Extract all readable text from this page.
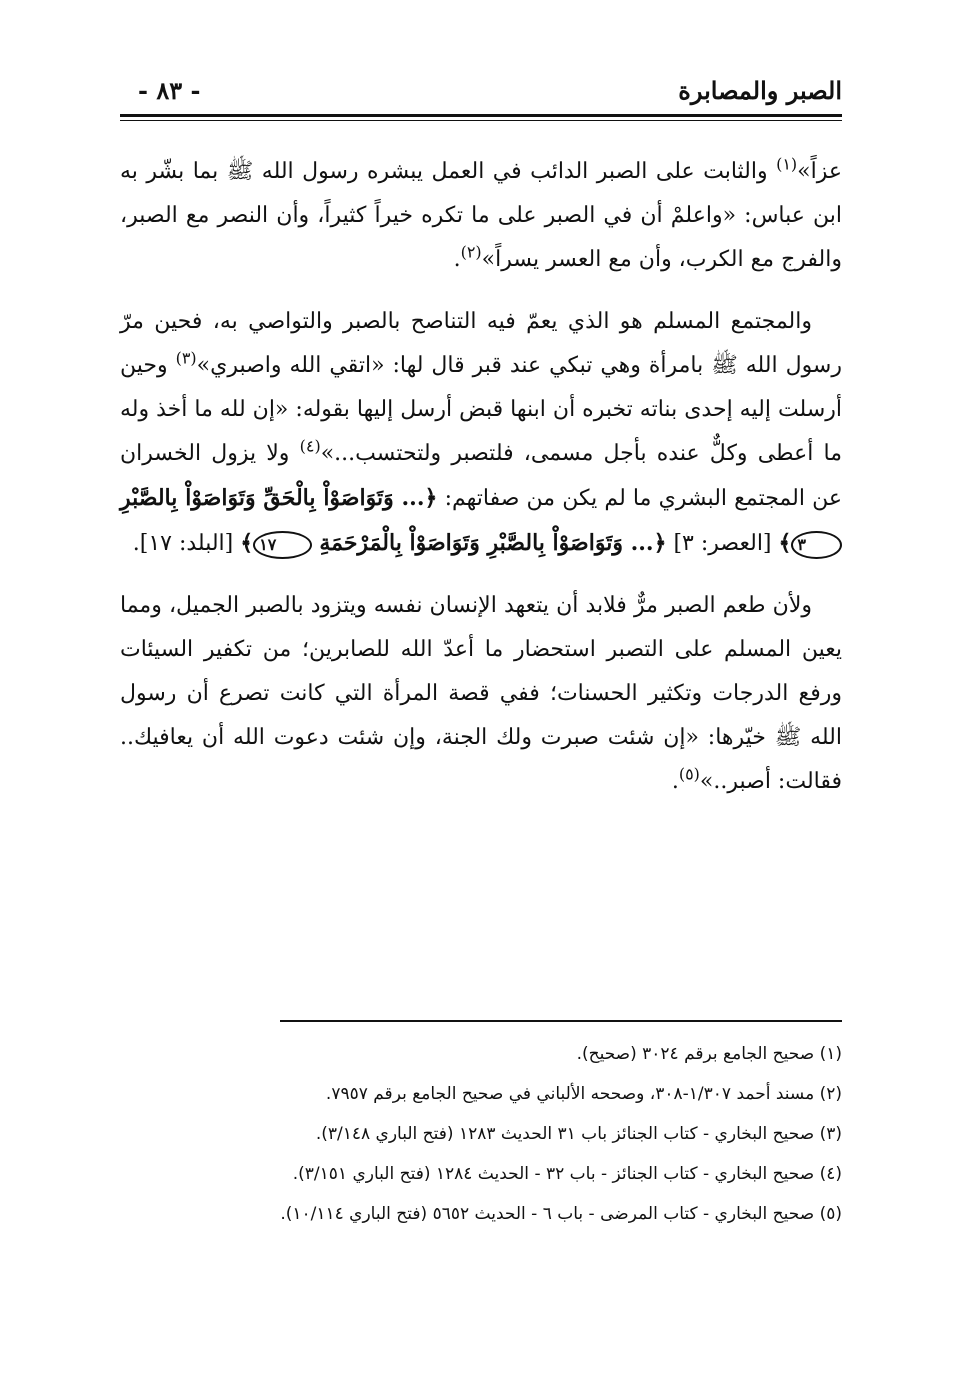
الصبر والمصابرة
- ٨٣ -

عزاً»$^{(١)}$ والثابت على الصبر الدائب في العمل يبشره رسول الله ﷺ بما بشّر به ابن عباس: «واعلمْ أن في الصبر على ما تكره خيراً كثيراً، وأن النصر مع الصبر، والفرج مع الكرب، وأن مع العسر يسراً»$^{(٢)}$.

والمجتمع المسلم هو الذي يعمّ فيه التناصح بالصبر والتواصي به، فحين مرّ رسول الله ﷺ بامرأة وهي تبكي عند قبر قال لها: «اتقي الله واصبري»$^{(٣)}$ وحين أرسلت إليه إحدى بناته تخبره أن ابنها قبض أرسل إليها بقوله: «إن لله ما أخذ وله ما أعطى وكلٌّ عنده بأجل مسمى، فلتصبر ولتحتسب...»$^{(٤)}$ ولا يزول الخسران عن المجتمع البشري ما لم يكن من صفاتهم: ﴿... وَتَوَاصَوْاْ بِالْحَقِّ وَتَوَاصَوْاْ بِالصَّبْرِ ٣﴾ [العصر: ٣] ﴿... وَتَوَاصَوْاْ بِالصَّبْرِ وَتَوَاصَوْاْ بِالْمَرْحَمَةِ ١٧﴾ [البلد: ١٧].

ولأن طعم الصبر مرٌّ فلابد أن يتعهد الإنسان نفسه ويتزود بالصبر الجميل، ومما يعين المسلم على التصبر استحضار ما أعدّ الله للصابرين؛ من تكفير السيئات ورفع الدرجات وتكثير الحسنات؛ ففي قصة المرأة التي كانت تصرع أن رسول الله ﷺ خيّرها: «إن شئت صبرت ولك الجنة، وإن شئت دعوت الله أن يعافيك.. فقالت: أصبر..»$^{(٥)}$.

(١) صحيح الجامع برقم ٣٠٢٤ (صحيح).

(٢) مسند أحمد ١/٣٠٧-٣٠٨، وصححه الألباني في صحيح الجامع برقم ٧٩٥٧.

(٣) صحيح البخاري - كتاب الجنائز باب ٣١ الحديث ١٢٨٣ (فتح الباري ٣/١٤٨).

(٤) صحيح البخاري - كتاب الجنائز - باب ٣٢ - الحديث ١٢٨٤ (فتح الباري ٣/١٥١).

(٥) صحيح البخاري - كتاب المرضى - باب ٦ - الحديث ٥٦٥٢ (فتح الباري ١٠/١١٤).
